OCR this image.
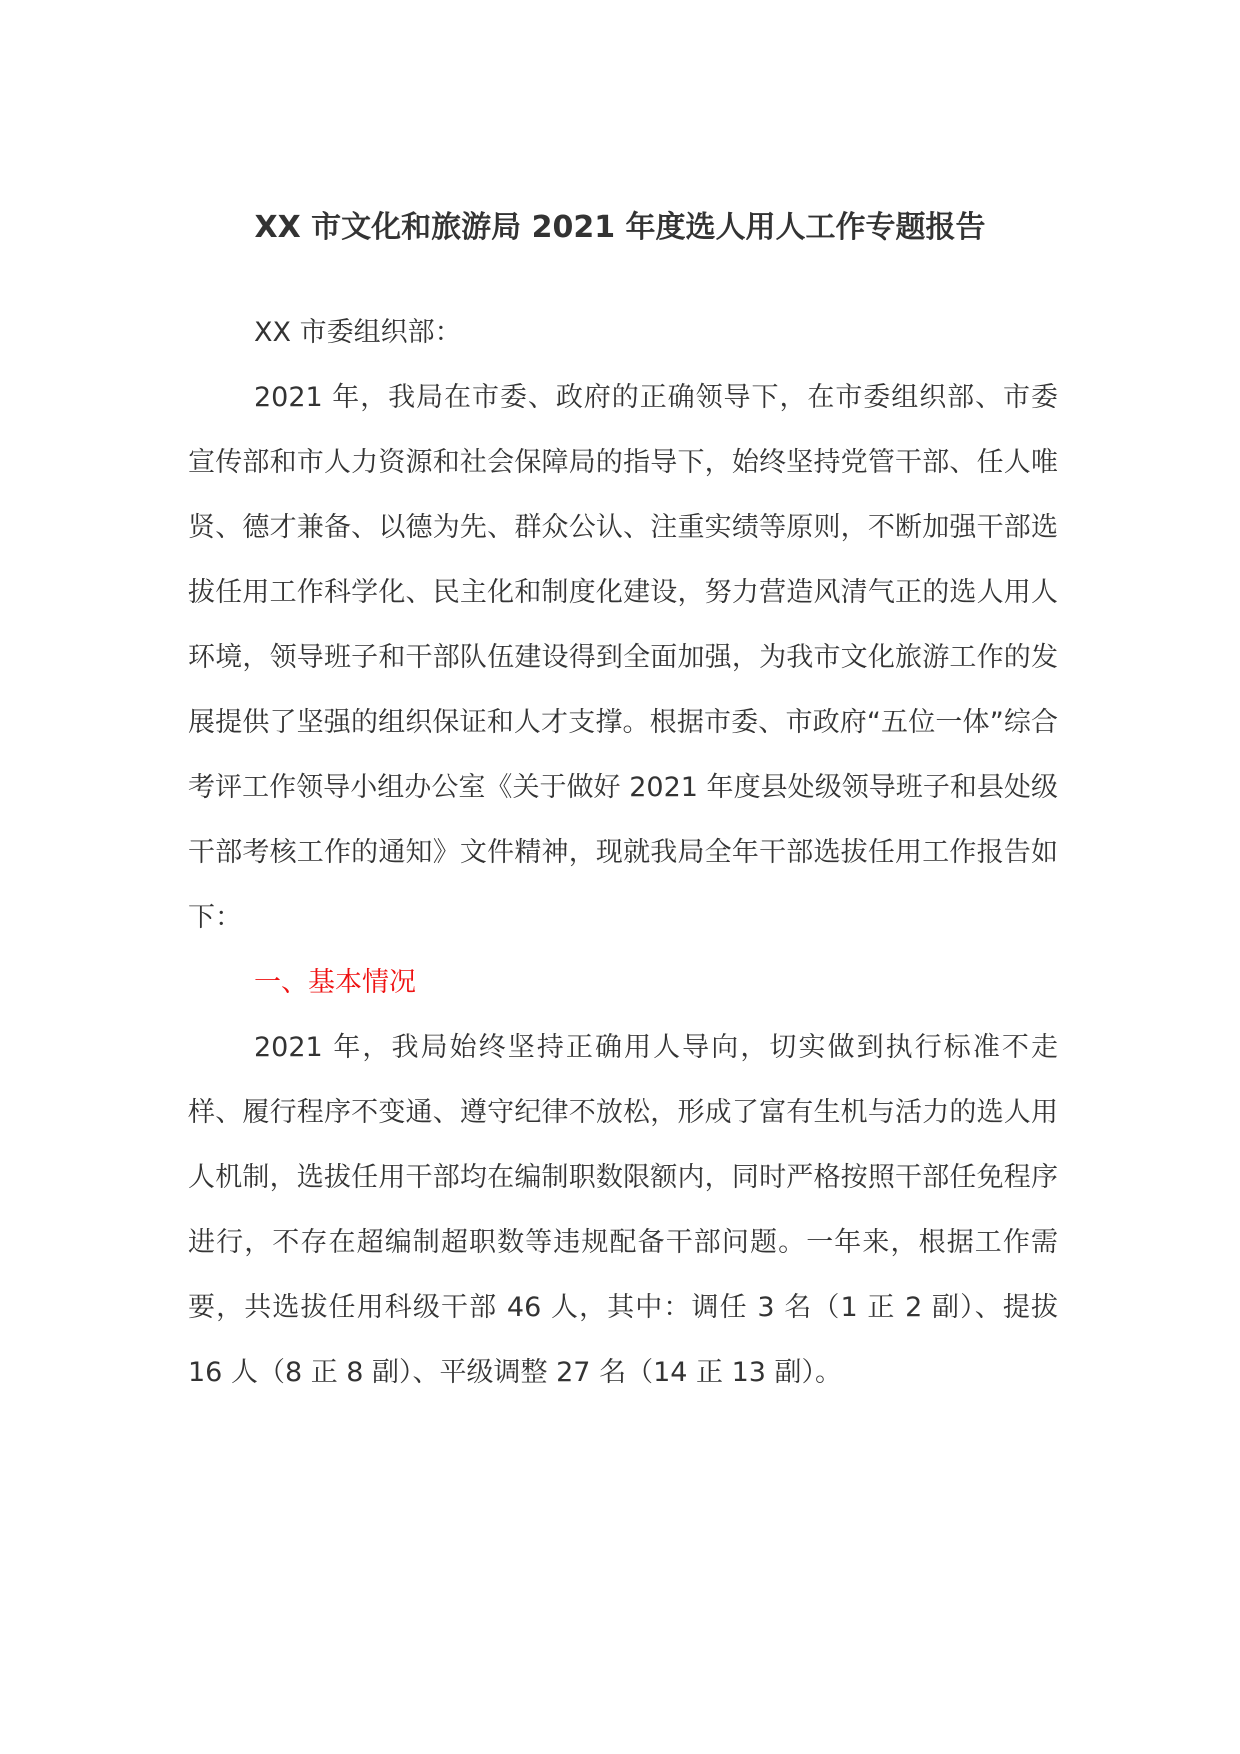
XX 市文化和旅游局 2021 年度选人用人工作专题报告

XX 市委组织部：

2021 年，我局在市委、政府的正确领导下，在市委组织部、市委宣传部和市人力资源和社会保障局的指导下，始终坚持党管干部、任人唯贤、德才兼备、以德为先、群众公认、注重实绩等原则，不断加强干部选拔任用工作科学化、民主化和制度化建设，努力营造风清气正的选人用人环境，领导班子和干部队伍建设得到全面加强，为我市文化旅游工作的发展提供了坚强的组织保证和人才支撑。根据市委、市政府“五位一体”综合考评工作领导小组办公室《关于做好 2021 年度县处级领导班子和县处级干部考核工作的通知》文件精神，现就我局全年干部选拔任用工作报告如下：

一、基本情况

2021 年，我局始终坚持正确用人导向，切实做到执行标准不走样、履行程序不变通、遵守纪律不放松，形成了富有生机与活力的选人用人机制，选拔任用干部均在编制职数限额内，同时严格按照干部任免程序进行，不存在超编制超职数等违规配备干部问题。一年来，根据工作需要，共选拔任用科级干部 46 人，其中：调任 3 名（1 正 2 副）、提拔 16 人（8 正 8 副）、平级调整 27 名（14 正 13 副）。
